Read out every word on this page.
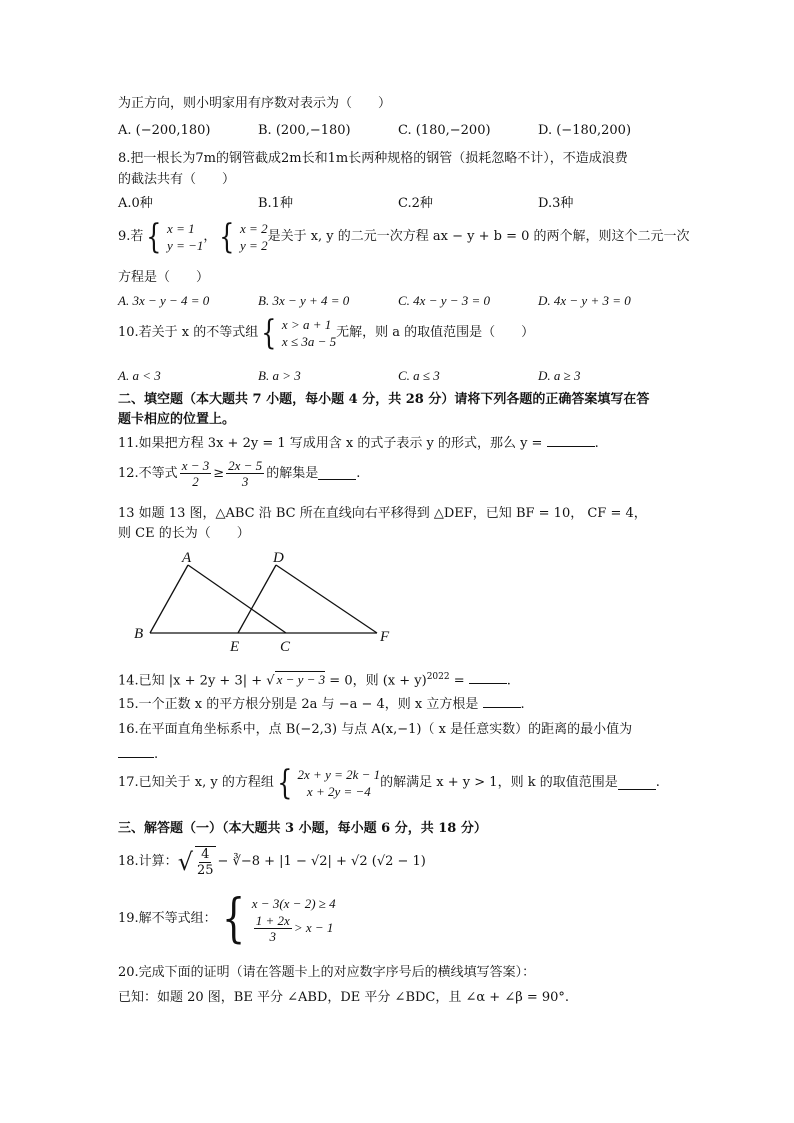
为正方向，则小明家用有序数对表示为（　　）
A. (−200,180)	B. (200,−180)	C. (180,−200)	D. (−180,200)
8.把一根长为7m的钢管截成2m长和1m长两种规格的钢管（损耗忽略不计），不造成浪费
的截法共有（　　）
A.0种	B.1种	C.2种	D.3种
9.若 { x = 1
y = −1
， { x = 2
y = 2
是关于 x, y 的二元一次方程 ax − y + b = 0 的两个解，则这个二元一次
方程是（　　）
A. 3x − y − 4 = 0	B. 3x − y + 4 = 0	C. 4x − y − 3 = 0	D. 4x − y + 3 = 0
10.若关于 x 的不等式组 { x > a + 1
x ≤ 3a − 5
无解，则 a 的取值范围是（　　）
A. a < 3	B. a > 3	C. a ≤ 3	D. a ≥ 3
二、填空题（本大题共 7 小题，每小题 4 分，共 28 分）请将下列各题的正确答案填写在答
题卡相应的位置上。
11.如果把方程 3x + 2y = 1 写成用含 x 的式子表示 y 的形式，那么 y =	.
12.不等式 $\frac{x - 3}{2} \ge \frac{2x - 5}{3}$ 的解集是	.
13 如题 13 图，△ABC 沿 BC 所在直线向右平移得到 △DEF，已知 BF = 10， CF = 4，
则 CE 的长为（　　）
A	D
B
E	C
F
14.已知 |x + 2y + 3| + √ x − y − 3 = 0，则 $(x + y)^{2022}$ =	.
15.一个正数 x 的平方根分别是 2a 与 −a − 4，则 x 立方根是	.
16.在平面直角坐标系中，点 B(−2,3) 与点 A(x,−1)（ x 是任意实数）的距离的最小值为
.
17.已知关于 x, y 的方程组 { 2x + y = 2k − 1
x + 2y = −4
的解满足 x + y > 1，则 k 的取值范围是	.
三、解答题（一）（本大题共 3 小题，每小题 6 分，共 18 分）
18.计算： √ $\frac{4}{25}$ − ∛−8 + |1 − √2| + √2 (√2 − 1)
19.解不等式组： { x − 3(x − 2) ≥ 4
$\frac{1 + 2x}{3} > x - 1$
20.完成下面的证明（请在答题卡上的对应数字序号后的横线填写答案）：
已知：如题 20 图，BE 平分 ∠ABD，DE 平分 ∠BDC，且 ∠α + ∠β = 90°.
